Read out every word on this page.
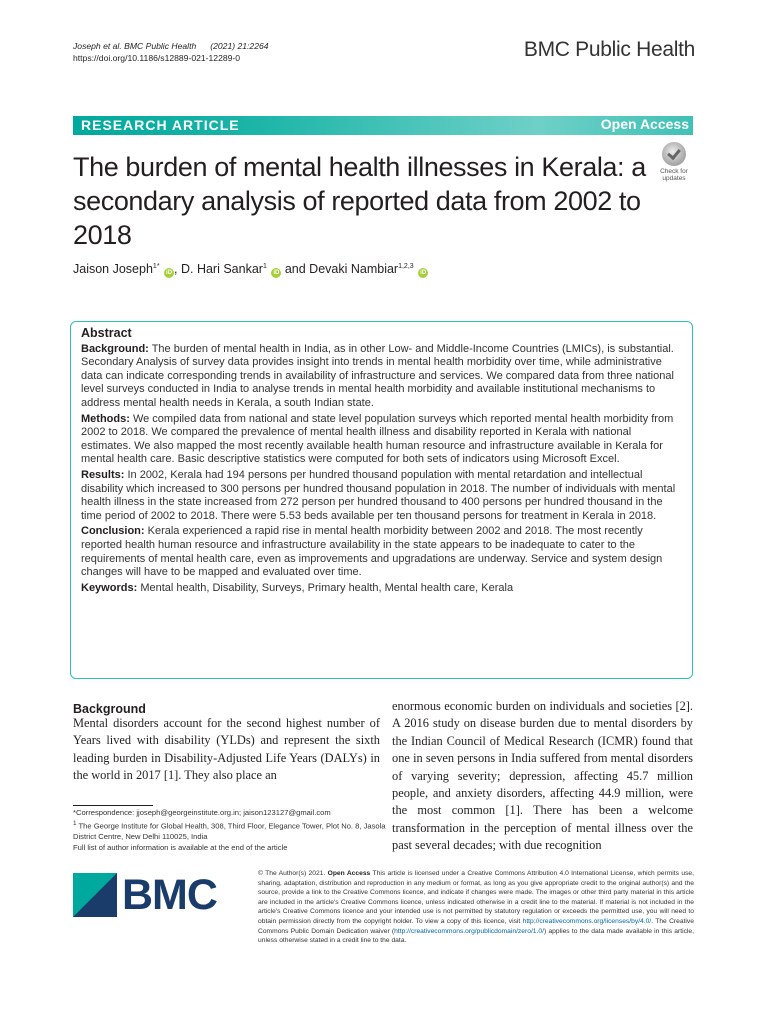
Joseph et al. BMC Public Health (2021) 21:2264
https://doi.org/10.1186/s12889-021-12289-0	BMC Public Health
RESEARCH ARTICLE	Open Access
The burden of mental health illnesses in Kerala: a secondary analysis of reported data from 2002 to 2018
Check for
updates
Jaison Joseph$^{1*}$ iD , D. Hari Sankar$^1$ iD and Devaki Nambiar$^{1,2,3}$ iD
Abstract

Background: The burden of mental health in India, as in other Low- and Middle-Income Countries (LMICs), is substantial. Secondary Analysis of survey data provides insight into trends in mental health morbidity over time, while administrative data can indicate corresponding trends in availability of infrastructure and services. We compared data from three national level surveys conducted in India to analyse trends in mental health morbidity and available institutional mechanisms to address mental health needs in Kerala, a south Indian state.

Methods: We compiled data from national and state level population surveys which reported mental health morbidity from 2002 to 2018. We compared the prevalence of mental health illness and disability reported in Kerala with national estimates. We also mapped the most recently available health human resource and infrastructure available in Kerala for mental health care. Basic descriptive statistics were computed for both sets of indicators using Microsoft Excel.

Results: In 2002, Kerala had 194 persons per hundred thousand population with mental retardation and intellectual disability which increased to 300 persons per hundred thousand population in 2018. The number of individuals with mental health illness in the state increased from 272 person per hundred thousand to 400 persons per hundred thousand in the time period of 2002 to 2018. There were 5.53 beds available per ten thousand persons for treatment in Kerala in 2018.

Conclusion: Kerala experienced a rapid rise in mental health morbidity between 2002 and 2018. The most recently reported health human resource and infrastructure availability in the state appears to be inadequate to cater to the requirements of mental health care, even as improvements and upgradations are underway. Service and system design changes will have to be mapped and evaluated over time.

Keywords: Mental health, Disability, Surveys, Primary health, Mental health care, Kerala

Background
Mental disorders account for the second highest number of Years lived with disability (YLDs) and represent the sixth leading burden in Disability-Adjusted Life Years (DALYs) in the world in 2017 [1]. They also place an
enormous economic burden on individuals and societies [2]. A 2016 study on disease burden due to mental disorders by the Indian Council of Medical Research (ICMR) found that one in seven persons in India suffered from mental disorders of varying severity; depression, affecting 45.7 million people, and anxiety disorders, affecting 44.9 million, were the most common [1]. There has been a welcome transformation in the perception of mental illness over the past several decades; with due recognition
*Correspondence: jjoseph@georgeinstitute.org.in; jaison123127@gmail.com
$^1$ The George Institute for Global Health, 308, Third Floor, Elegance Tower, Plot No. 8, Jasola District Centre, New Delhi 110025, India
Full list of author information is available at the end of the article
BMC	© The Author(s) 2021. Open Access This article is licensed under a Creative Commons Attribution 4.0 International License, which permits use, sharing, adaptation, distribution and reproduction in any medium or format, as long as you give appropriate credit to the original author(s) and the source, provide a link to the Creative Commons licence, and indicate if changes were made. The images or other third party material in this article are included in the article's Creative Commons licence, unless indicated otherwise in a credit line to the material. If material is not included in the article's Creative Commons licence and your intended use is not permitted by statutory regulation or exceeds the permitted use, you will need to obtain permission directly from the copyright holder. To view a copy of this licence, visit http://creativecommons.org/licenses/by/4.0/. The Creative Commons Public Domain Dedication waiver (http://creativecommons.org/publicdomain/zero/1.0/) applies to the data made available in this article, unless otherwise stated in a credit line to the data.
